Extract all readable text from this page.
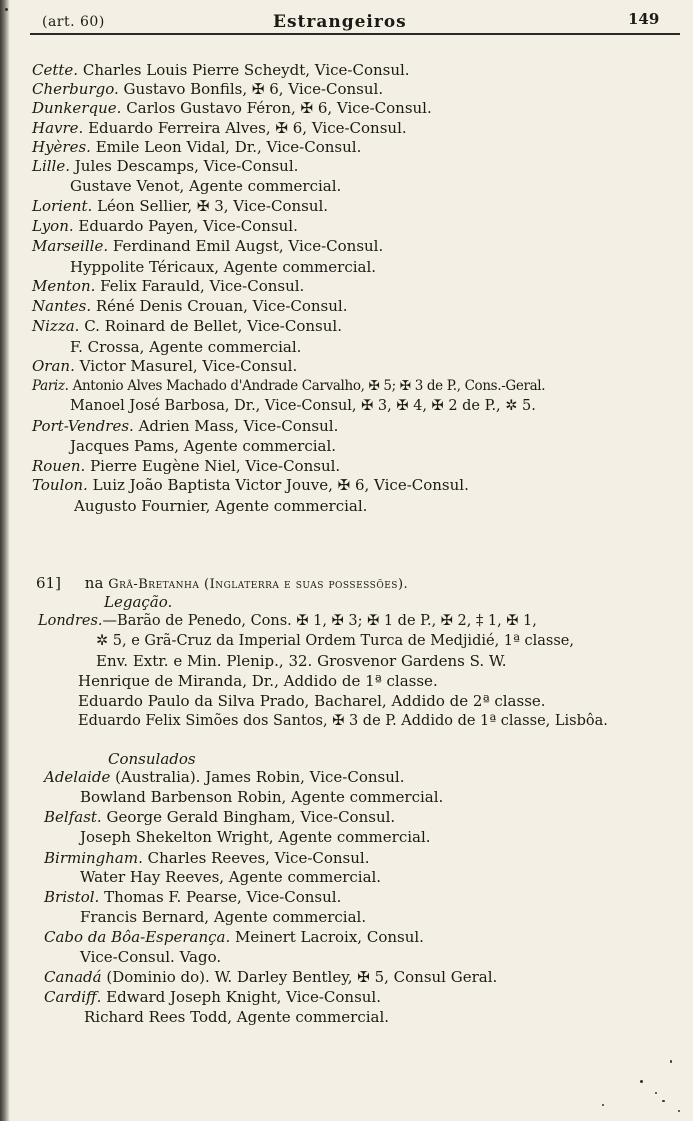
(art. 60)	Estrangeiros	149
Cette. Charles Louis Pierre Scheydt, Vice-Consul.
Cherburgo. Gustavo Bonfils, ✠ 6, Vice-Consul.
Dunkerque. Carlos Gustavo Féron, ✠ 6, Vice-Consul.
Havre. Eduardo Ferreira Alves, ✠ 6, Vice-Consul.
Hyères. Emile Leon Vidal, Dr., Vice-Consul.
Lille. Jules Descamps, Vice-Consul.
Gustave Venot, Agente commercial.
Lorient. Léon Sellier, ✠ 3, Vice-Consul.
Lyon. Eduardo Payen, Vice-Consul.
Marseille. Ferdinand Emil Augst, Vice-Consul.
Hyppolite Téricaux, Agente commercial.
Menton. Felix Farauld, Vice-Consul.
Nantes. Réné Denis Crouan, Vice-Consul.
Nizza. C. Roinard de Bellet, Vice-Consul.
F. Crossa, Agente commercial.
Oran. Victor Masurel, Vice-Consul.
Pariz. Antonio Alves Machado d'Andrade Carvalho, ✠ 5; ✠ 3 de P., Cons.-Geral.
Manoel José Barbosa, Dr., Vice-Consul, ✠ 3, ✠ 4, ✠ 2 de P., ✲ 5.
Port-Vendres. Adrien Mass, Vice-Consul.
Jacques Pams, Agente commercial.
Rouen. Pierre Eugène Niel, Vice-Consul.
Toulon. Luiz João Baptista Victor Jouve, ✠ 6, Vice-Consul.
Augusto Fournier, Agente commercial.
61] na Grã-Bretanha (Inglaterra e suas possessões).
Legação.
Londres.—Barão de Penedo, Cons. ✠ 1, ✠ 3; ✠ 1 de P., ✠ 2, ‡ 1, ✠ 1,
✲ 5, e Grã-Cruz da Imperial Ordem Turca de Medjidié, 1ª classe,
Env. Extr. e Min. Plenip., 32. Grosvenor Gardens S. W.
Henrique de Miranda, Dr., Addido de 1ª classe.
Eduardo Paulo da Silva Prado, Bacharel, Addido de 2ª classe.
Eduardo Felix Simões dos Santos, ✠ 3 de P. Addido de 1ª classe, Lisbôa.
Consulados
Adelaide (Australia). James Robin, Vice-Consul.
Bowland Barbenson Robin, Agente commercial.
Belfast. George Gerald Bingham, Vice-Consul.
Joseph Shekelton Wright, Agente commercial.
Birmingham. Charles Reeves, Vice-Consul.
Water Hay Reeves, Agente commercial.
Bristol. Thomas F. Pearse, Vice-Consul.
Francis Bernard, Agente commercial.
Cabo da Bôa-Esperança. Meinert Lacroix, Consul.
Vice-Consul. Vago.
Canadá (Dominio do). W. Darley Bentley, ✠ 5, Consul Geral.
Cardiff. Edward Joseph Knight, Vice-Consul.
Richard Rees Todd, Agente commercial.
